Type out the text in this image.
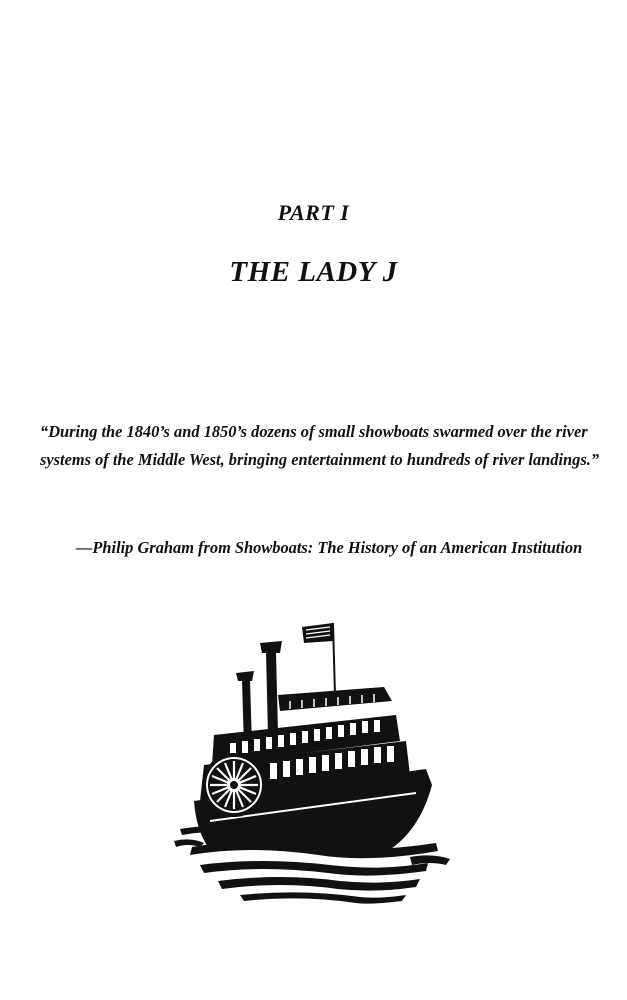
PART I
THE LADY J

“During the 1840’s and 1850’s dozens of small showboats swarmed over the river systems of the Middle West, bringing entertainment to hundreds of river landings.”

—Philip Graham from Showboats: The History of an American Institution
